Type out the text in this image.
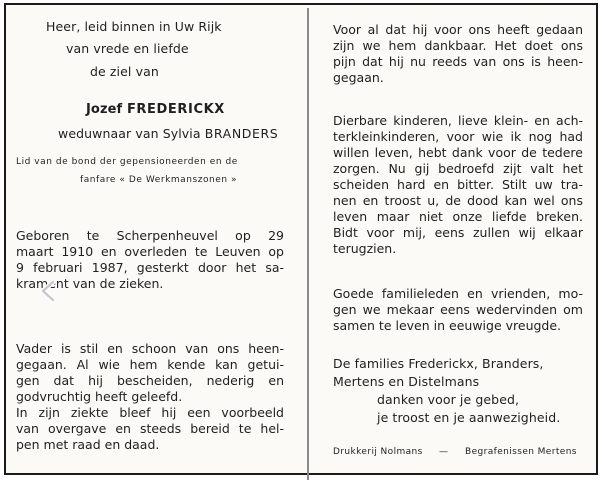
Heer, leid binnen in Uw Rijk
van vrede en liefde
de ziel van
Jozef FREDERICKX
weduwnaar van Sylvia BRANDERS
Lid van de bond der gepensioneerden en de
fanfare « De Werkmanszonen »
Geboren te Scherpenheuvel op 29
maart 1910 en overleden te Leuven op
9 februari 1987, gesterkt door het sa-
krament van de zieken.
Vader is stil en schoon van ons heen-
gegaan. Al wie hem kende kan getui-
gen dat hij bescheiden, nederig en
godvruchtig heeft geleefd.
In zijn ziekte bleef hij een voorbeeld
van overgave en steeds bereid te hel-
pen met raad en daad.
Voor al dat hij voor ons heeft gedaan
zijn we hem dankbaar. Het doet ons
pijn dat hij nu reeds van ons is heen-
gegaan.
Dierbare kinderen, lieve klein- en ach-
terkleinkinderen, voor wie ik nog had
willen leven, hebt dank voor de tedere
zorgen. Nu gij bedroefd zijt valt het
scheiden hard en bitter. Stilt uw tra-
nen en troost u, de dood kan wel ons
leven maar niet onze liefde breken.
Bidt voor mij, eens zullen wij elkaar
terugzien.
Goede familieleden en vrienden, mo-
gen we mekaar eens wedervinden om
samen te leven in eeuwige vreugde.
De families Frederickx, Branders,
Mertens en Distelmans
danken voor je gebed,
je troost en je aanwezigheid.
Drukkerij Nolmans — Begrafenissen Mertens
